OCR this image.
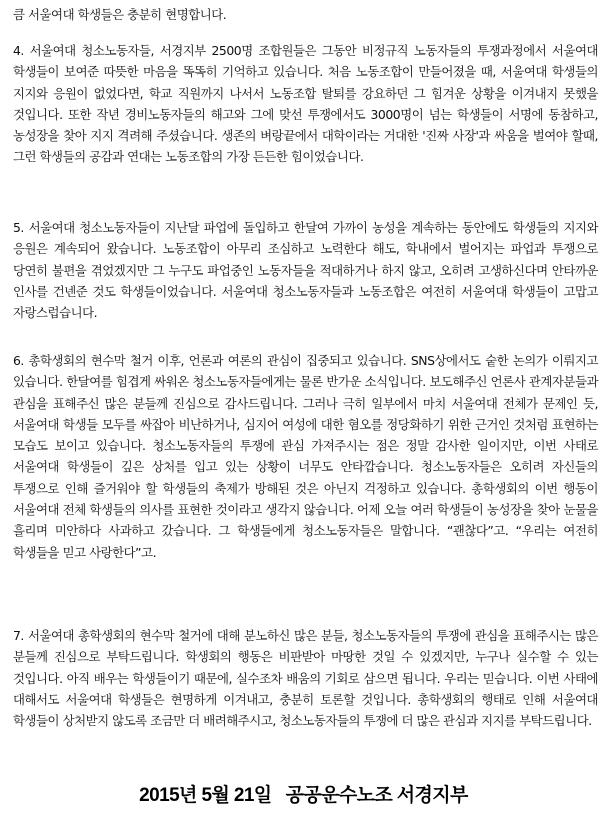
큼 서울여대 학생들은 충분히 현명합니다.

4. 서울여대 청소노동자들, 서경지부 2500명 조합원들은 그동안 비정규직 노동자들의 투쟁과정에서 서울여대 학생들이 보여준 따뜻한 마음을 똑똑히 기억하고 있습니다. 처음 노동조합이 만들어졌을 때, 서울여대 학생들의 지지와 응원이 없었다면, 학교 직원까지 나서서 노동조합 탈퇴를 강요하던 그 힘겨운 상황을 이겨내지 못했을 것입니다. 또한 작년 경비노동자들의 해고와 그에 맞선 투쟁에서도 3000명이 넘는 학생들이 서명에 동참하고, 농성장을 찾아 지지 격려해 주셨습니다. 생존의 벼랑끝에서 대학이라는 거대한 '진짜 사장'과 싸움을 벌여야 할때, 그런 학생들의 공감과 연대는 노동조합의 가장 든든한 힘이었습니다.

5. 서울여대 청소노동자들이 지난달 파업에 돌입하고 한달여 가까이 농성을 계속하는 동안에도 학생들의 지지와 응원은 계속되어 왔습니다. 노동조합이 아무리 조심하고 노력한다 해도, 학내에서 벌어지는 파업과 투쟁으로 당연히 불편을 겪었겠지만 그 누구도 파업중인 노동자들을 적대하거나 하지 않고, 오히려 고생하신다며 안타까운 인사를 건넨준 것도 학생들이었습니다. 서울여대 청소노동자들과 노동조합은 여전히 서울여대 학생들이 고맙고 자랑스럽습니다.

6. 총학생회의 현수막 철거 이후, 언론과 여론의 관심이 집중되고 있습니다. SNS상에서도 숱한 논의가 이뤄지고 있습니다. 한달여를 힘겹게 싸워온 청소노동자들에게는 물론 반가운 소식입니다. 보도해주신 언론사 관계자분들과 관심을 표해주신 많은 분들께 진심으로 감사드립니다. 그러나 극히 일부에서 마치 서울여대 전체가 문제인 듯, 서울여대 학생들 모두를 싸잡아 비난하거나, 심지어 여성에 대한 혐오를 정당화하기 위한 근거인 것처럼 표현하는 모습도 보이고 있습니다. 청소노동자들의 투쟁에 관심 가져주시는 점은 정말 감사한 일이지만, 이번 사태로 서울여대 학생들이 깊은 상처를 입고 있는 상황이 너무도 안타깝습니다. 청소노동자들은 오히려 자신들의 투쟁으로 인해 즐거워야 할 학생들의 축제가 방해된 것은 아닌지 걱정하고 있습니다. 총학생회의 이번 행동이 서울여대 전체 학생들의 의사를 표현한 것이라고 생각지 않습니다. 어제 오늘 여러 학생들이 농성장을 찾아 눈물을 흘리며 미안하다 사과하고 갔습니다. 그 학생들에게 청소노동자들은 말합니다. “괜찮다”고. “우리는 여전히 학생들을 믿고 사랑한다”고.

7. 서울여대 총학생회의 현수막 철거에 대해 분노하신 많은 분들, 청소노동자들의 투쟁에 관심을 표해주시는 많은 분들께 진심으로 부탁드립니다. 학생회의 행동은 비판받아 마땅한 것일 수 있겠지만, 누구나 실수할 수 있는 것입니다. 아직 배우는 학생들이기 때문에, 실수조차 배움의 기회로 삼으면 됩니다. 우리는 믿습니다. 이번 사태에 대해서도 서울여대 학생들은 현명하게 이겨내고, 충분히 토론할 것입니다. 총학생회의 행태로 인해 서울여대 학생들이 상처받지 않도록 조금만 더 배려해주시고, 청소노동자들의 투쟁에 더 많은 관심과 지지를 부탁드립니다.

2015년 5월 21일   공공운수노조 서경지부
